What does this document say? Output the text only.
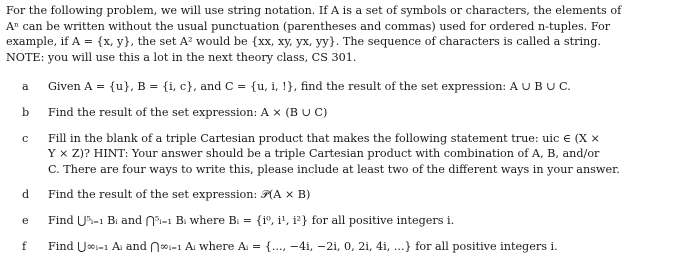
For the following problem, we will use string notation. If A is a set of symbols or characters, the elements of
Aⁿ can be written without the usual punctuation (parentheses and commas) used for ordered n-tuples. For
example, if A = {x, y}, the set A² would be {xx, xy, yx, yy}. The sequence of characters is called a string.
NOTE: you will use this a lot in the next theory class, CS 301.

a	Given A = {u}, B = {i, c}, and C = {u, i, !}, find the result of the set expression: A ∪ B ∪ C.
b	Find the result of the set expression: A × (B ∪ C)
c	Fill in the blank of a triple Cartesian product that makes the following statement true: uic ∈ (X ×
Y × Z)? HINT: Your answer should be a triple Cartesian product with combination of A, B, and/or
C. There are four ways to write this, please include at least two of the different ways in your answer.
d	Find the result of the set expression: 𝒫(A × B)
e	Find ⋃⁵ᵢ₌₁ Bᵢ and ⋂⁵ᵢ₌₁ Bᵢ where Bᵢ = {i⁰, i¹, i²} for all positive integers i.
f	Find ⋃∞ᵢ₌₁ Aᵢ and ⋂∞ᵢ₌₁ Aᵢ where Aᵢ = {..., −4i, −2i, 0, 2i, 4i, ...} for all positive integers i.
